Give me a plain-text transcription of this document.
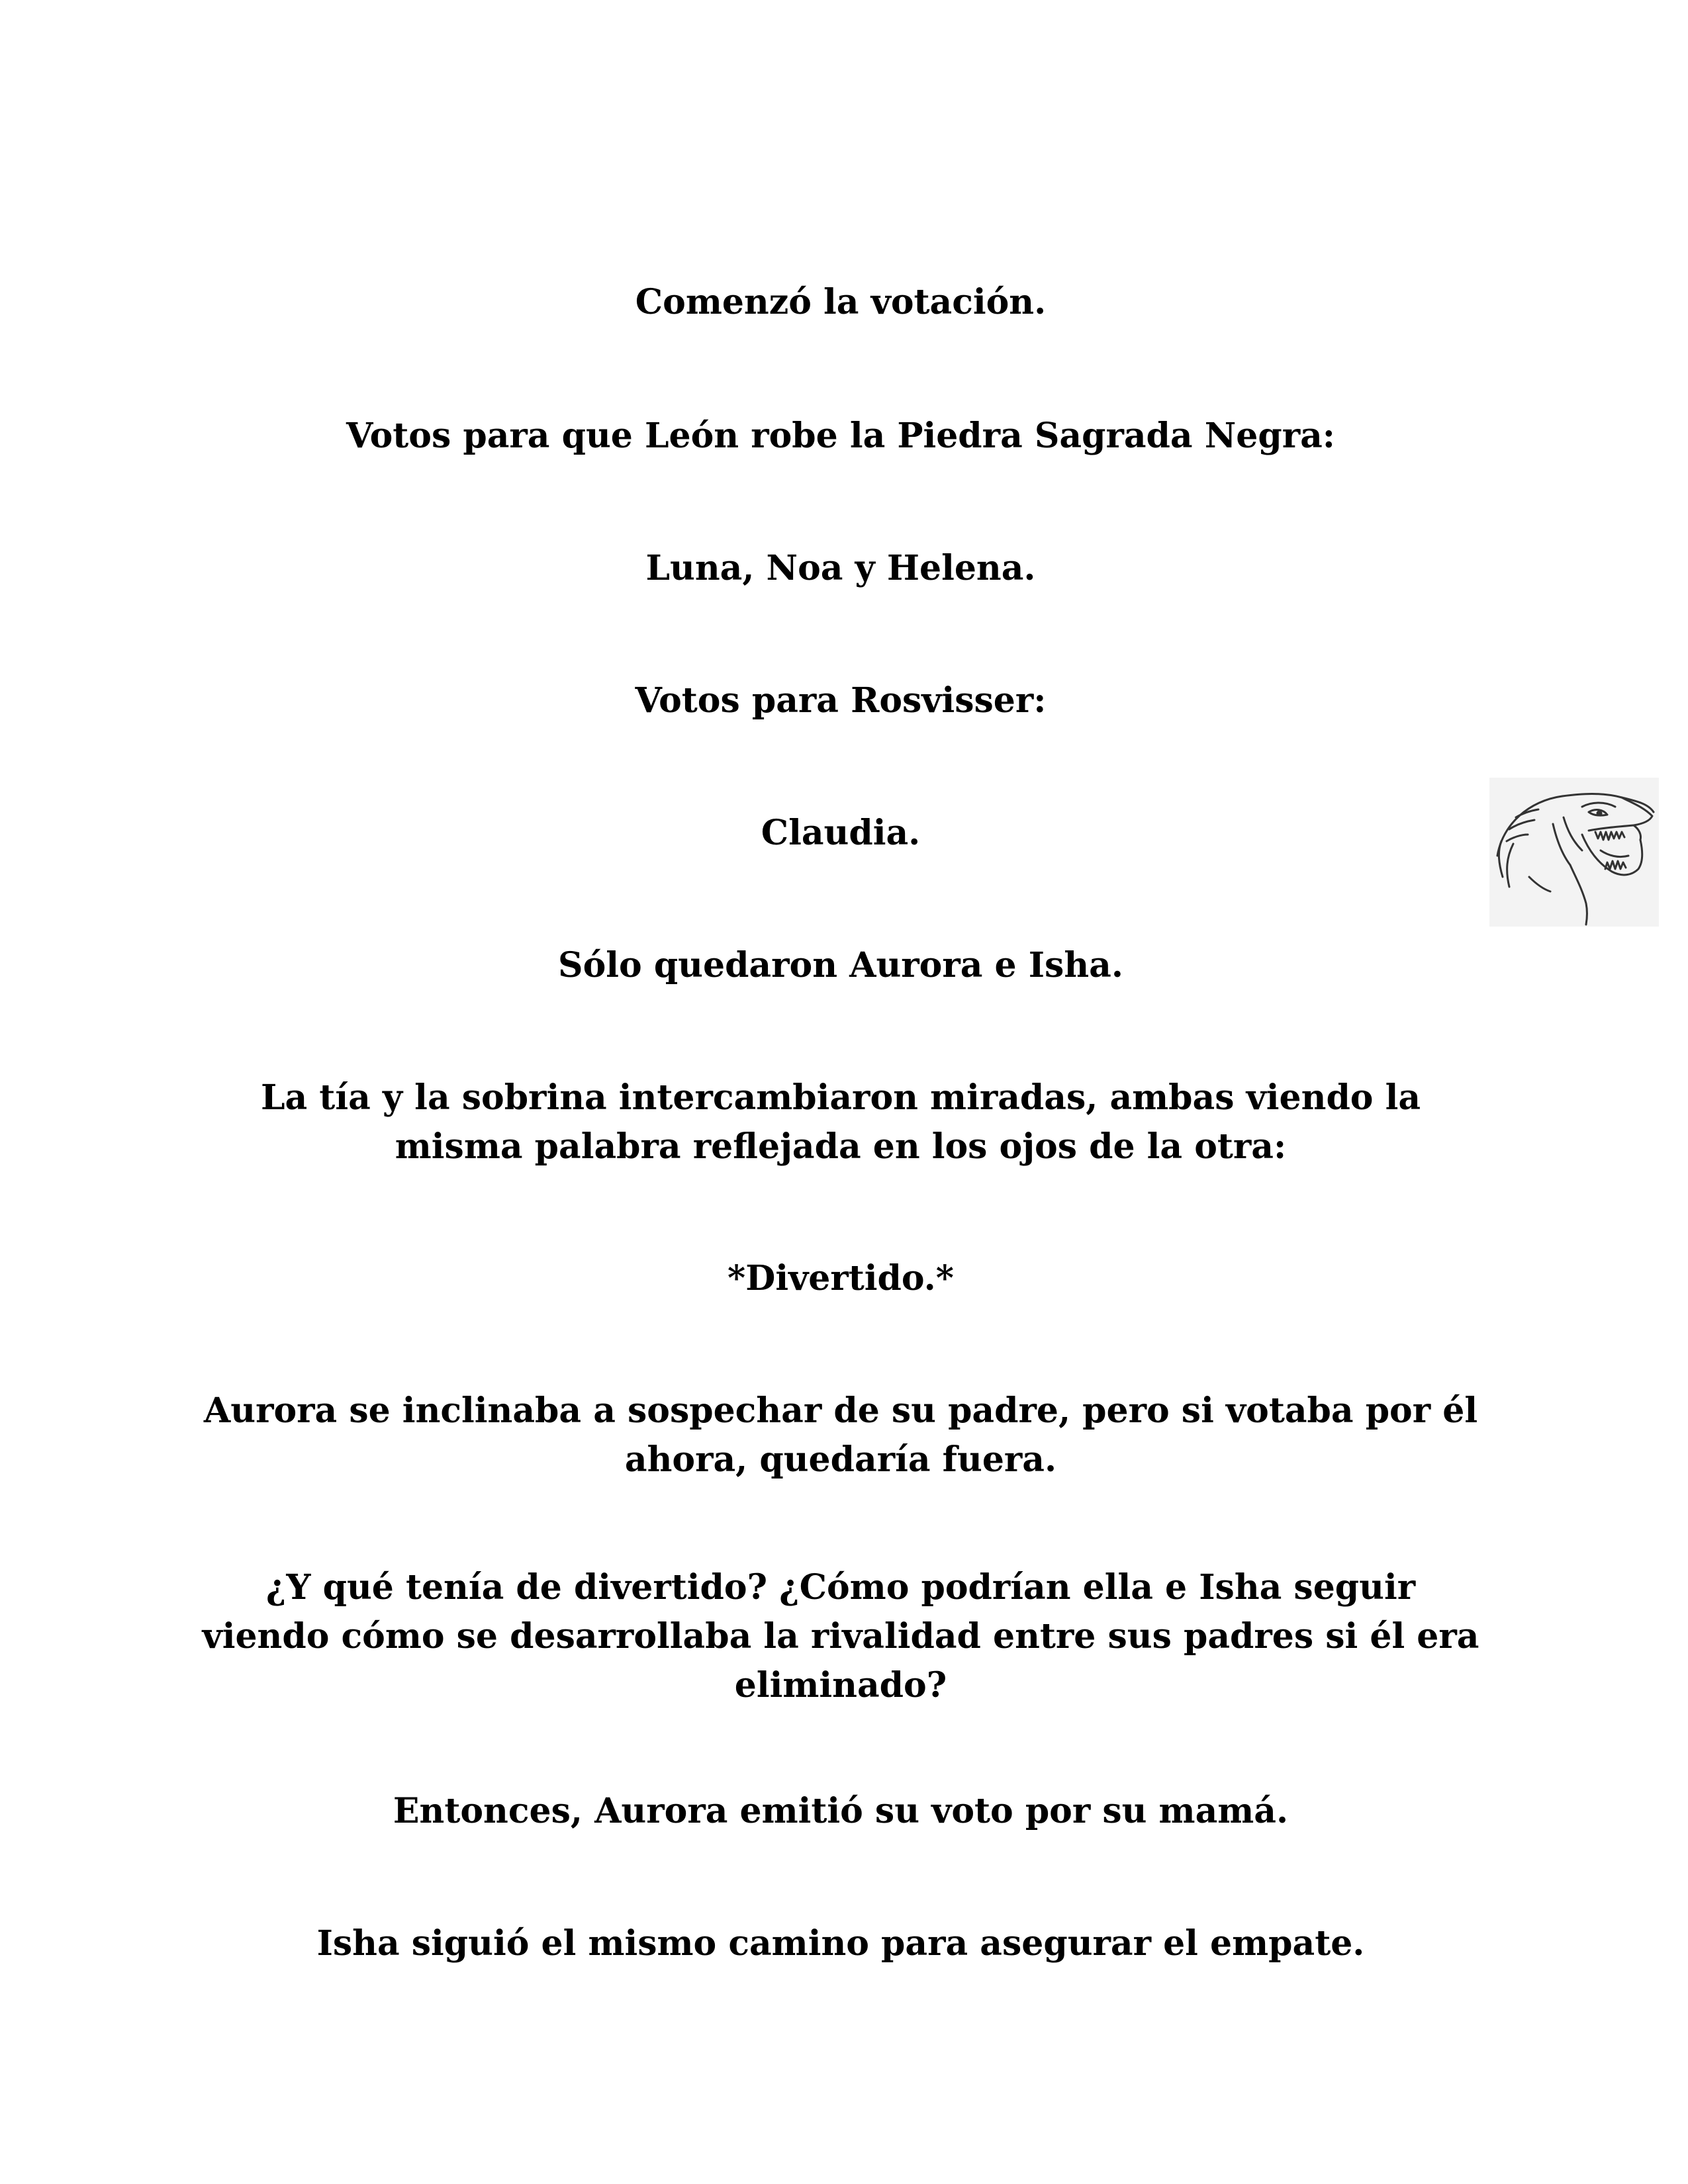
Comenzó la votación.

Votos para que León robe la Piedra Sagrada Negra:

Luna, Noa y Helena.

Votos para Rosvisser:

Claudia.

Sólo quedaron Aurora e Isha.

La tía y la sobrina intercambiaron miradas, ambas viendo la misma palabra reflejada en los ojos de la otra:

*Divertido.*

Aurora se inclinaba a sospechar de su padre, pero si votaba por él ahora, quedaría fuera.

¿Y qué tenía de divertido? ¿Cómo podrían ella e Isha seguir viendo cómo se desarrollaba la rivalidad entre sus padres si él era eliminado?

Entonces, Aurora emitió su voto por su mamá.

Isha siguió el mismo camino para asegurar el empate.
